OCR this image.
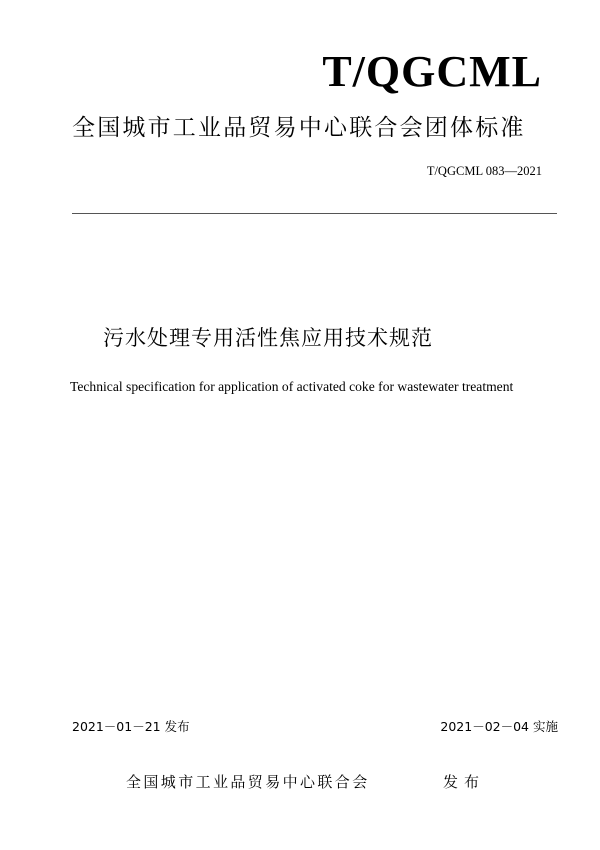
T/QGCML
全国城市工业品贸易中心联合会团体标准
T/QGCML 083—2021
污水处理专用活性焦应用技术规范
Technical specification for application of activated coke for wastewater treatment
2021－01－21 发布	2021－02－04 实施
全国城市工业品贸易中心联合会	发布
